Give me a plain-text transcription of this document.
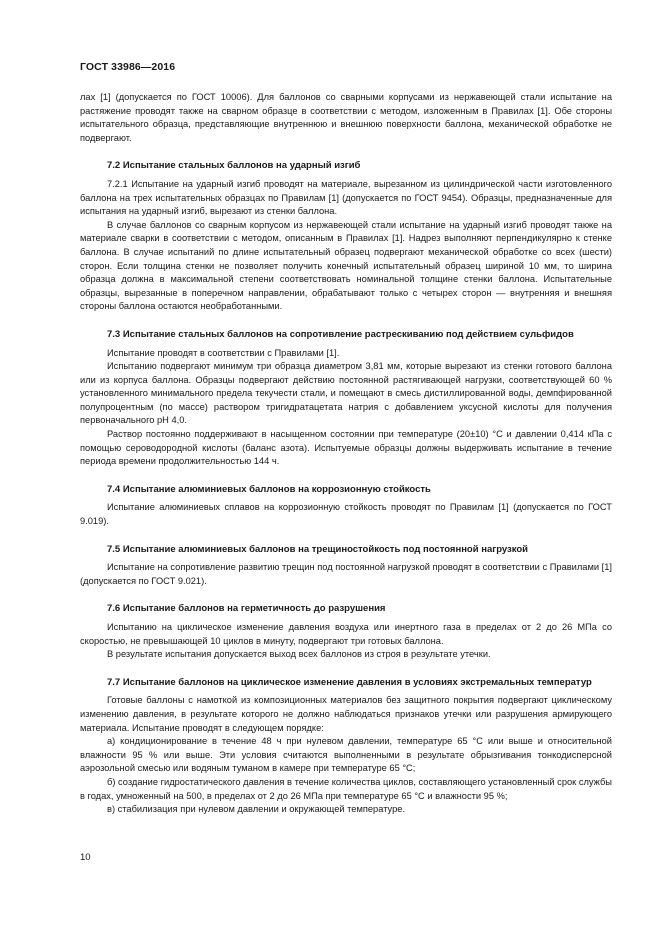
ГОСТ 33986—2016

лах [1] (допускается по ГОСТ 10006). Для баллонов со сварными корпусами из нержавеющей стали испытание на растяжение проводят также на сварном образце в соответствии с методом, изложенным в Правилах [1]. Обе стороны испытательного образца, представляющие внутреннюю и внешнюю поверхности баллона, механической обработке не подвергают.

7.2 Испытание стальных баллонов на ударный изгиб

7.2.1 Испытание на ударный изгиб проводят на материале, вырезанном из цилиндрической части изготовленного баллона на трех испытательных образцах по Правилам [1] (допускается по ГОСТ 9454). Образцы, предназначенные для испытания на ударный изгиб, вырезают из стенки баллона.

В случае баллонов со сварным корпусом из нержавеющей стали испытание на ударный изгиб проводят также на материале сварки в соответствии с методом, описанным в Правилах [1]. Надрез выполняют перпендикулярно к стенке баллона. В случае испытаний по длине испытательный образец подвергают механической обработке со всех (шести) сторон. Если толщина стенки не позволяет получить конечный испытательный образец шириной 10 мм, то ширина образца должна в максимальной степени соответствовать номинальной толщине стенки баллона. Испытательные образцы, вырезанные в поперечном направлении, обрабатывают только с четырех сторон — внутренняя и внешняя стороны баллона остаются необработанными.

7.3 Испытание стальных баллонов на сопротивление растрескиванию под действием сульфидов

Испытание проводят в соответствии с Правилами [1].

Испытанию подвергают минимум три образца диаметром 3,81 мм, которые вырезают из стенки готового баллона или из корпуса баллона. Образцы подвергают действию постоянной растягивающей нагрузки, соответствующей 60 % установленного минимального предела текучести стали, и помещают в смесь дистиллированной воды, демпфированной полупроцентным (по массе) раствором тригидратацетата натрия с добавлением уксусной кислоты для получения первоначального pH 4,0.

Раствор постоянно поддерживают в насыщенном состоянии при температуре (20±10) °С и давлении 0,414 кПа с помощью сероводородной кислоты (баланс азота). Испытуемые образцы должны выдерживать испытание в течение периода времени продолжительностью 144 ч.

7.4 Испытание алюминиевых баллонов на коррозионную стойкость

Испытание алюминиевых сплавов на коррозионную стойкость проводят по Правилам [1] (допускается по ГОСТ 9.019).

7.5 Испытание алюминиевых баллонов на трещиностойкость под постоянной нагрузкой

Испытание на сопротивление развитию трещин под постоянной нагрузкой проводят в соответствии с Правилами [1] (допускается по ГОСТ 9.021).

7.6 Испытание баллонов на герметичность до разрушения

Испытанию на циклическое изменение давления воздуха или инертного газа в пределах от 2 до 26 МПа со скоростью, не превышающей 10 циклов в минуту, подвергают три готовых баллона.

В результате испытания допускается выход всех баллонов из строя в результате утечки.

7.7 Испытание баллонов на циклическое изменение давления в условиях экстремальных температур

Готовые баллоны с намоткой из композиционных материалов без защитного покрытия подвергают циклическому изменению давления, в результате которого не должно наблюдаться признаков утечки или разрушения армирующего материала. Испытание проводят в следующем порядке:

а) кондиционирование в течение 48 ч при нулевом давлении, температуре 65 °С или выше и относительной влажности 95 % или выше. Эти условия считаются выполненными в результате обрызгивания тонкодисперсной аэрозольной смесью или водяным туманом в камере при температуре 65 °С;

б) создание гидростатического давления в течение количества циклов, составляющего установленный срок службы в годах, умноженный на 500, в пределах от 2 до 26 МПа при температуре 65 °С и влажности 95 %;

в) стабилизация при нулевом давлении и окружающей температуре.

10
